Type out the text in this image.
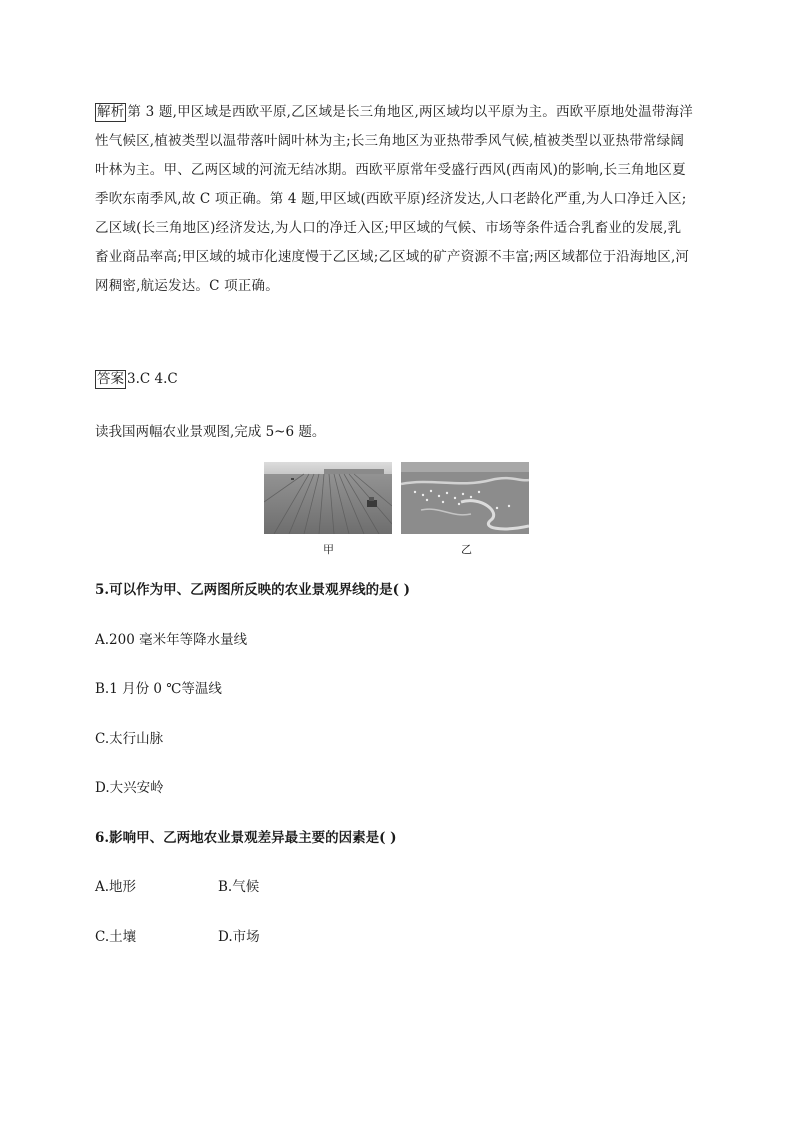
解析 第 3 题,甲区域是西欧平原,乙区域是长三角地区,两区域均以平原为主。西欧平原地处温带海洋性气候区,植被类型以温带落叶阔叶林为主;长三角地区为亚热带季风气候,植被类型以亚热带常绿阔叶林为主。甲、乙两区域的河流无结冰期。西欧平原常年受盛行西风(西南风)的影响,长三角地区夏季吹东南季风,故 C 项正确。第 4 题,甲区域(西欧平原)经济发达,人口老龄化严重,为人口净迁入区;乙区域(长三角地区)经济发达,为人口的净迁入区;甲区域的气候、市场等条件适合乳畜业的发展,乳畜业商品率高;甲区域的城市化速度慢于乙区域;乙区域的矿产资源不丰富;两区域都位于沿海地区,河网稠密,航运发达。C 项正确。
答案 3.C 4.C
读我国两幅农业景观图,完成 5~6 题。
甲	乙
5.可以作为甲、乙两图所反映的农业景观界线的是( )
A.200 毫米年等降水量线
B.1 月份 0 ℃等温线
C.太行山脉
D.大兴安岭
6.影响甲、乙两地农业景观差异最主要的因素是( )
A.地形	B.气候
C.土壤	D.市场
